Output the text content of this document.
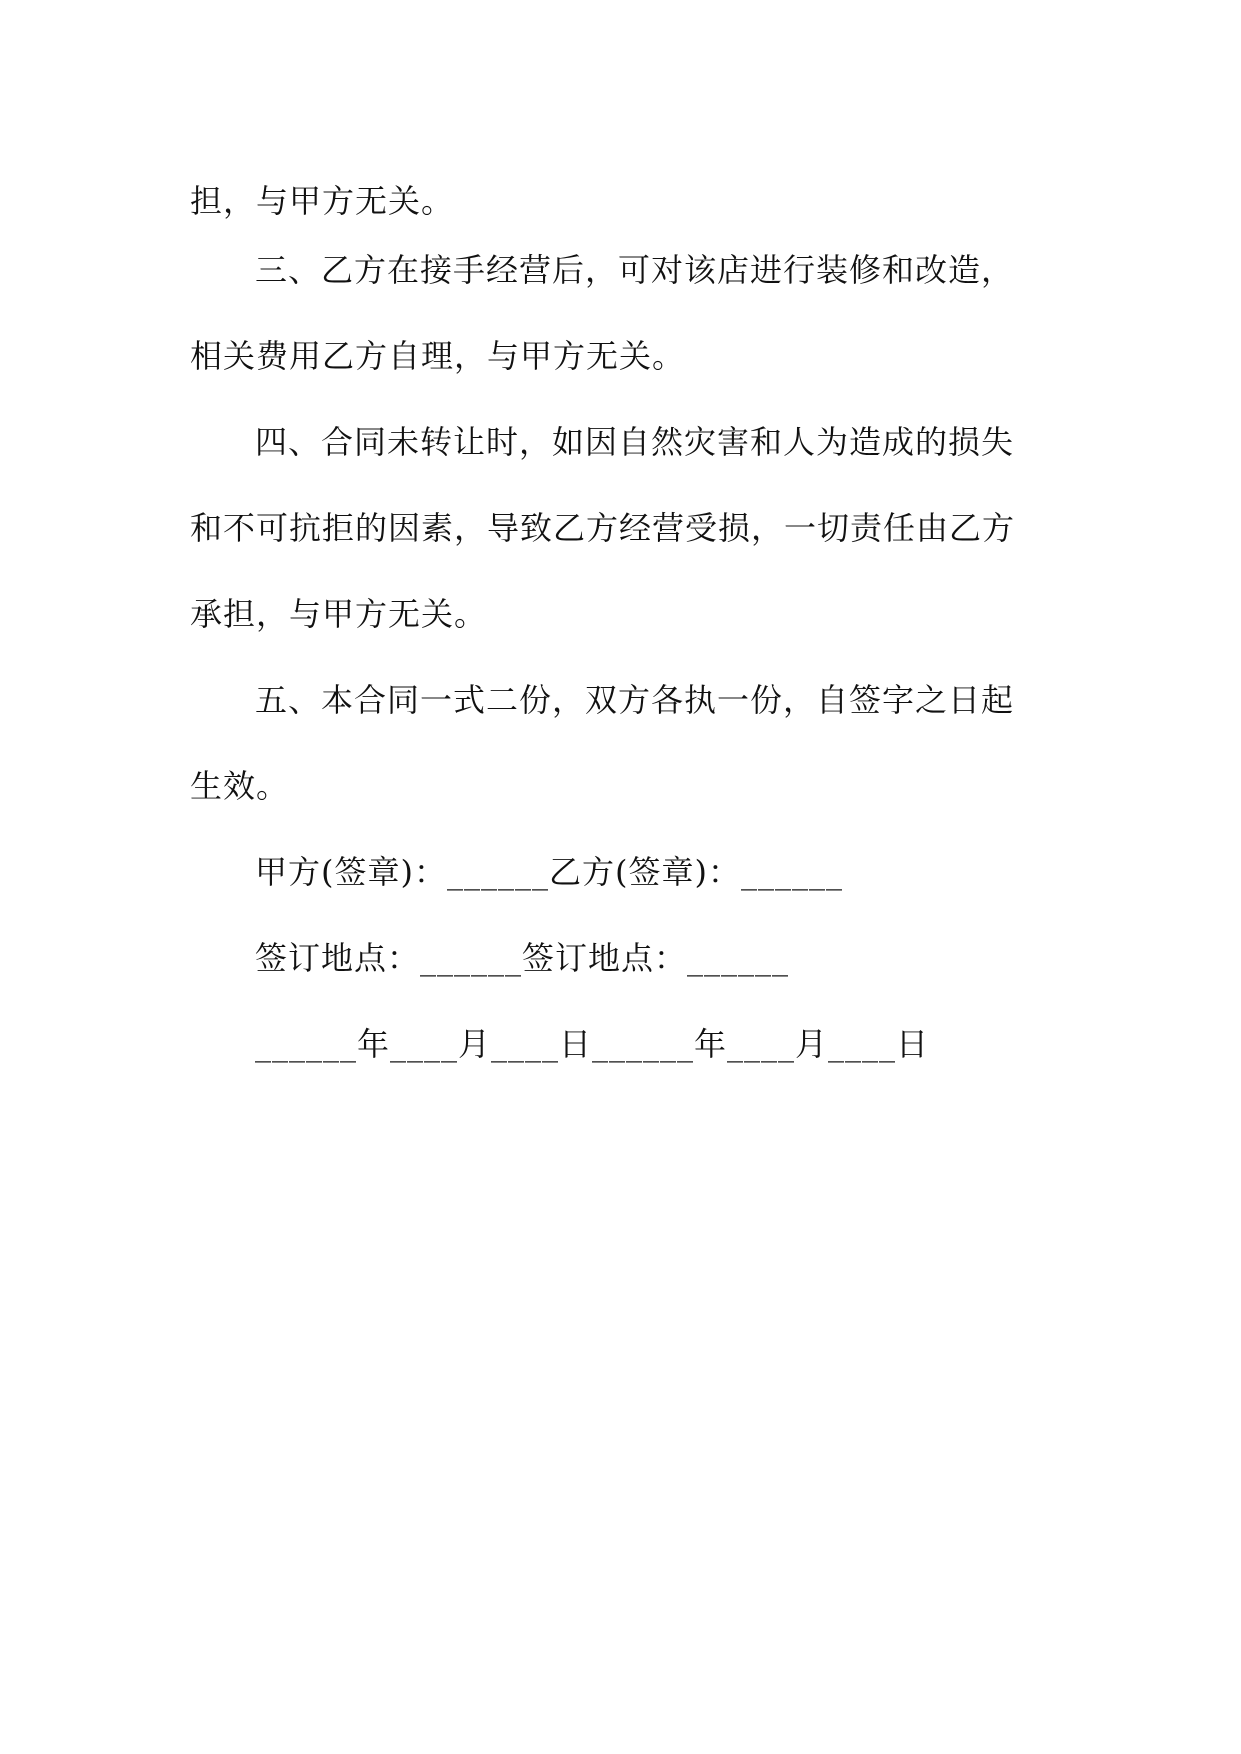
担，与甲方无关。
三、乙方在接手经营后，可对该店进行装修和改造，
相关费用乙方自理，与甲方无关。
四、合同未转让时，如因自然灾害和人为造成的损失
和不可抗拒的因素，导致乙方经营受损，一切责任由乙方
承担，与甲方无关。
五、本合同一式二份，双方各执一份，自签字之日起
生效。
甲方(签章)：______乙方(签章)：______
签订地点：______签订地点：______
______年____月____日______年____月____日
